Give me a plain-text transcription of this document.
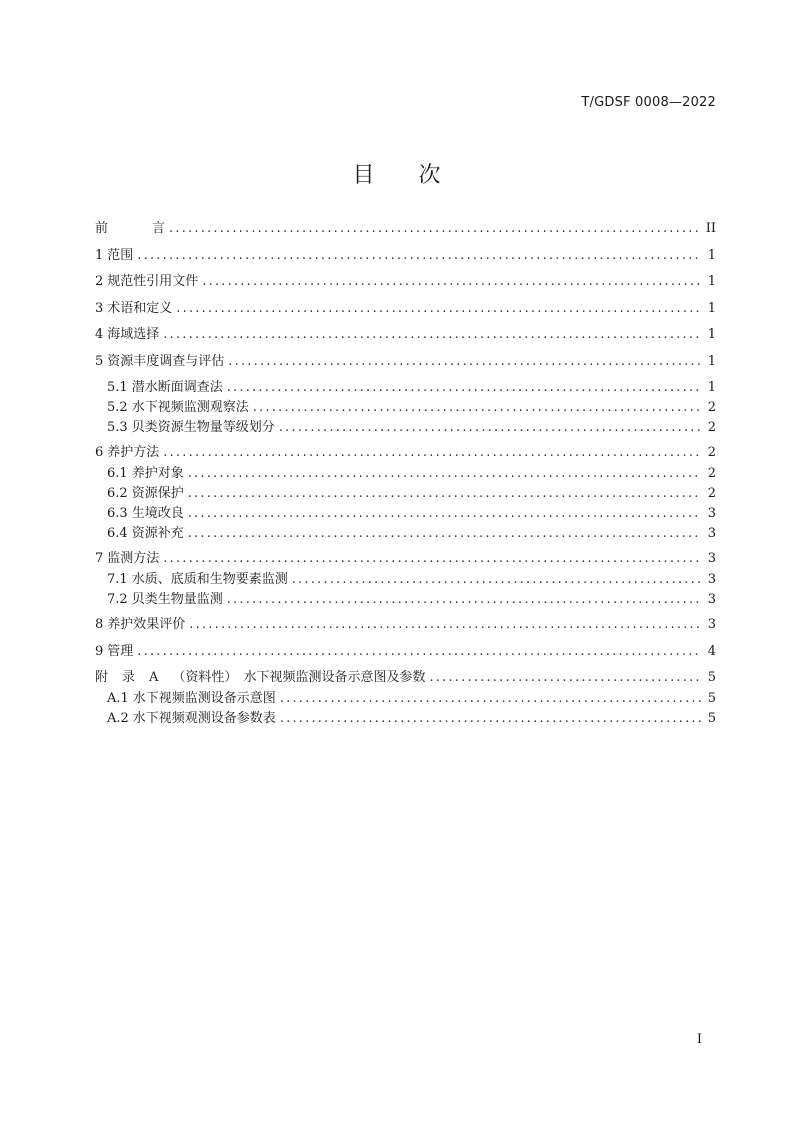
T/GDSF 0008—2022
目 次
前	言 .....	II
1 范围 .....	1
2 规范性引用文件 .....	1
3 术语和定义 .....	1
4 海域选择 .....	1
5 资源丰度调查与评估 .....	1
5.1 潜水断面调查法 .....	1
5.2 水下视频监测观察法 .....	2
5.3 贝类资源生物量等级划分 .....	2
6 养护方法 .....	2
6.1 养护对象 .....	2
6.2 资源保护 .....	2
6.3 生境改良 .....	3
6.4 资源补充 .....	3
7 监测方法 .....	3
7.1 水质、底质和生物要素监测 .....	3
7.2 贝类生物量监测 .....	3
8 养护效果评价 .....	3
9 管理 .....	4
附 录 A （资料性） 水下视频监测设备示意图及参数 .....	5
A.1 水下视频监测设备示意图 .....	5
A.2 水下视频观测设备参数表 .....	5
I
